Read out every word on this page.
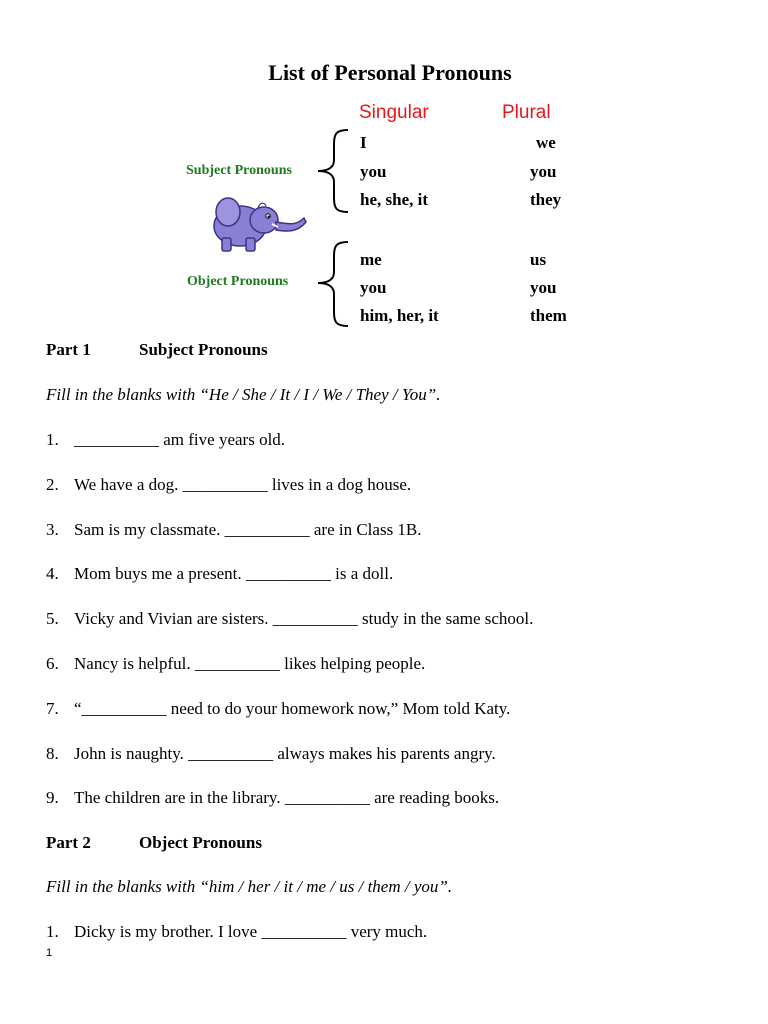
List of Personal Pronouns
Singular	Plural
Subject Pronouns
I	we
you	you
he, she, it	they
Object Pronouns
me	us
you	you
him, her, it	them
Part 1	Subject Pronouns
Fill in the blanks with “He / She / It / I / We / They / You”.
1. __________ am five years old.
2. We have a dog. __________ lives in a dog house.
3. Sam is my classmate. __________ are in Class 1B.
4. Mom buys me a present. __________ is a doll.
5. Vicky and Vivian are sisters. __________ study in the same school.
6. Nancy is helpful. __________ likes helping people.
7. “__________ need to do your homework now,” Mom told Katy.
8. John is naughty. __________ always makes his parents angry.
9. The children are in the library. __________ are reading books.
Part 2	Object Pronouns
Fill in the blanks with “him / her / it / me / us / them / you”.
1. Dicky is my brother. I love __________ very much.
1
